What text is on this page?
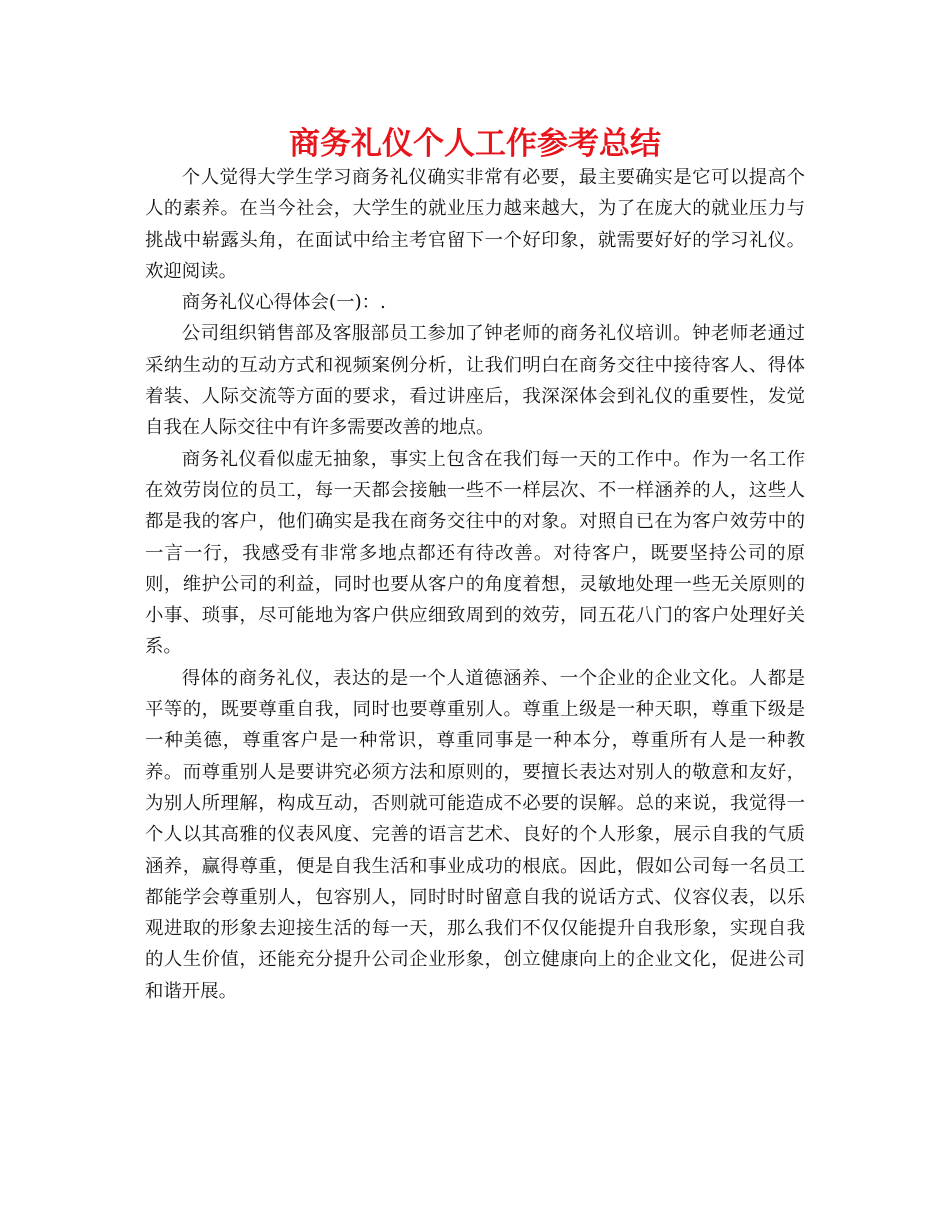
商务礼仪个人工作参考总结

个人觉得大学生学习商务礼仪确实非常有必要，最主要确实是它可以提高个人的素养。在当今社会，大学生的就业压力越来越大，为了在庞大的就业压力与挑战中崭露头角，在面试中给主考官留下一个好印象，就需要好好的学习礼仪。欢迎阅读。

商务礼仪心得体会(一)：.

公司组织销售部及客服部员工参加了钟老师的商务礼仪培训。钟老师老通过采纳生动的互动方式和视频案例分析，让我们明白在商务交往中接待客人、得体着装、人际交流等方面的要求，看过讲座后，我深深体会到礼仪的重要性，发觉自我在人际交往中有许多需要改善的地点。

商务礼仪看似虚无抽象，事实上包含在我们每一天的工作中。作为一名工作在效劳岗位的员工，每一天都会接触一些不一样层次、不一样涵养的人，这些人都是我的客户，他们确实是我在商务交往中的对象。对照自已在为客户效劳中的一言一行，我感受有非常多地点都还有待改善。对待客户，既要坚持公司的原则，维护公司的利益，同时也要从客户的角度着想，灵敏地处理一些无关原则的小事、琐事，尽可能地为客户供应细致周到的效劳，同五花八门的客户处理好关系。

得体的商务礼仪，表达的是一个人道德涵养、一个企业的企业文化。人都是平等的，既要尊重自我，同时也要尊重别人。尊重上级是一种天职，尊重下级是一种美德，尊重客户是一种常识，尊重同事是一种本分，尊重所有人是一种教养。而尊重别人是要讲究必须方法和原则的，要擅长表达对别人的敬意和友好，为别人所理解，构成互动，否则就可能造成不必要的误解。总的来说，我觉得一个人以其高雅的仪表风度、完善的语言艺术、良好的个人形象，展示自我的气质涵养，赢得尊重，便是自我生活和事业成功的根底。因此，假如公司每一名员工都能学会尊重别人，包容别人，同时时时留意自我的说话方式、仪容仪表，以乐观进取的形象去迎接生活的每一天，那么我们不仅仅能提升自我形象，实现自我的人生价值，还能充分提升公司企业形象，创立健康向上的企业文化，促进公司和谐开展。
